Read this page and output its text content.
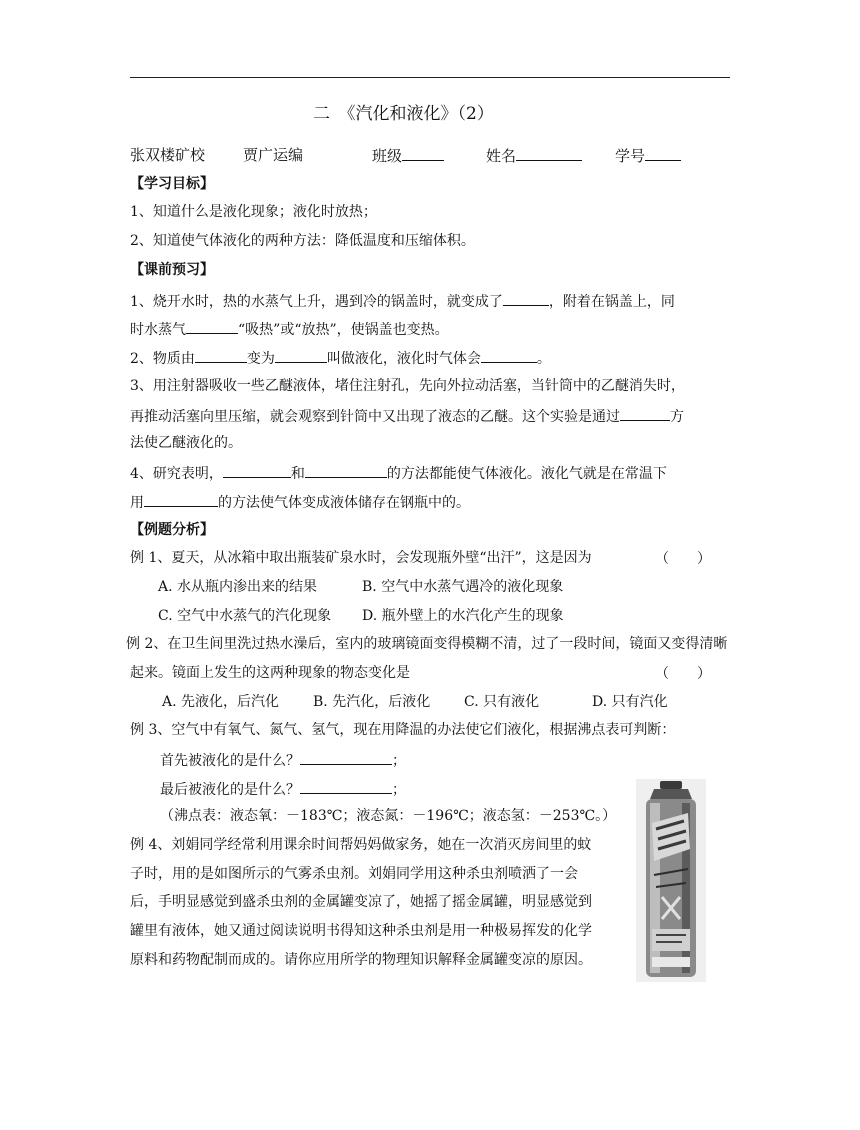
二　《汽化和液化》（2）
张双楼矿校	贾广运编	班级	姓名	学号
【学习目标】
1、知道什么是液化现象；液化时放热；
2、知道使气体液化的两种方法：降低温度和压缩体积。
【课前预习】
1、烧开水时，热的水蒸气上升，遇到冷的锅盖时，就变成了	，附着在锅盖上，同
时水蒸气	“吸热”或“放热”，使锅盖也变热。
2、物质由	变为	叫做液化，液化时气体会	。
3、用注射器吸收一些乙醚液体，堵住注射孔，先向外拉动活塞，当针筒中的乙醚消失时，
再推动活塞向里压缩，就会观察到针筒中又出现了液态的乙醚。这个实验是通过	方
法使乙醚液化的。
4、研究表明，	和	的方法都能使气体液化。液化气就是在常温下
用	的方法使气体变成液体储存在钢瓶中的。
【例题分析】
例 1、夏天，从冰箱中取出瓶装矿泉水时，会发现瓶外壁“出汗”，这是因为	（　　）
A. 水从瓶内渗出来的结果	B. 空气中水蒸气遇冷的液化现象
C. 空气中水蒸气的汽化现象 D. 瓶外壁上的水汽化产生的现象
例 2、在卫生间里洗过热水澡后，室内的玻璃镜面变得模糊不清，过了一段时间，镜面又变得清晰
起来。镜面上发生的这两种现象的物态变化是	（　　）
A. 先液化，后汽化 B. 先汽化，后液化 C. 只有液化	D. 只有汽化
例 3、空气中有氧气、氮气、氢气，现在用降温的办法使它们液化，根据沸点表可判断：
首先被液化的是什么？	；
最后被液化的是什么？	；
（沸点表：液态氧：－183℃；液态氮：－196℃；液态氢：－253℃。）
例 4、刘娟同学经常利用课余时间帮妈妈做家务，她在一次消灭房间里的蚊
子时，用的是如图所示的气雾杀虫剂。刘娟同学用这种杀虫剂喷洒了一会
后，手明显感觉到盛杀虫剂的金属罐变凉了，她摇了摇金属罐，明显感觉到
罐里有液体，她又通过阅读说明书得知这种杀虫剂是用一种极易挥发的化学
原料和药物配制而成的。请你应用所学的物理知识解释金属罐变凉的原因。
